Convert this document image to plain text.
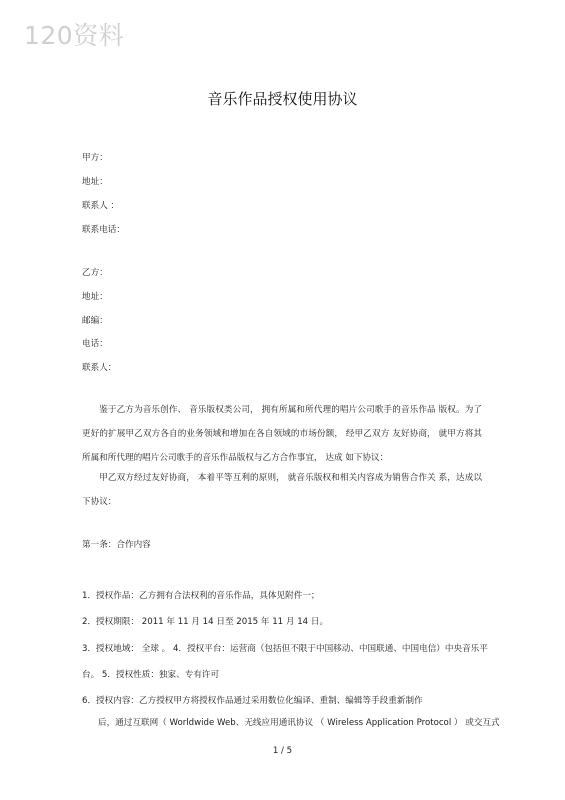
120资料
音乐作品授权使用协议
甲方：
地址：
联系人 ：
联系电话：
乙方：
地址：
邮编：
电话：
联系人：
鉴于乙方为音乐创作、 音乐版权类公司， 拥有所属和所代理的唱片公司歌手的音乐作品 版权。为了更好的扩展甲乙双方各自的业务领域和增加在各自领域的市场份额， 经甲乙双方 友好协商， 就甲方将其所属和所代理的唱片公司歌手的音乐作品版权与乙方合作事宜， 达成 如下协议：
甲乙双方经过友好协商， 本着平等互利的原则， 就音乐版权和相关内容成为销售合作关 系，达成以下协议：
第一条：合作内容
1．授权作品：乙方拥有合法权利的音乐作品，具体见附件一；
2．授权期限： 2011 年 11 月 14 日至 2015 年 11 月 14 日。
3．授权地域： 全球 。 4．授权平台：运营商（包括但不限于中国移动、中国联通、中国电信）中央音乐平
台。 5．授权性质：独家、专有许可
6．授权内容：乙方授权甲方将授权作品通过采用数位化编译、重制、编辑等手段重新制作
后，通过互联网（ Worldwide Web、无线应用通讯协议 （ Wireless Application Protocol ） 或交互式
1 / 5
